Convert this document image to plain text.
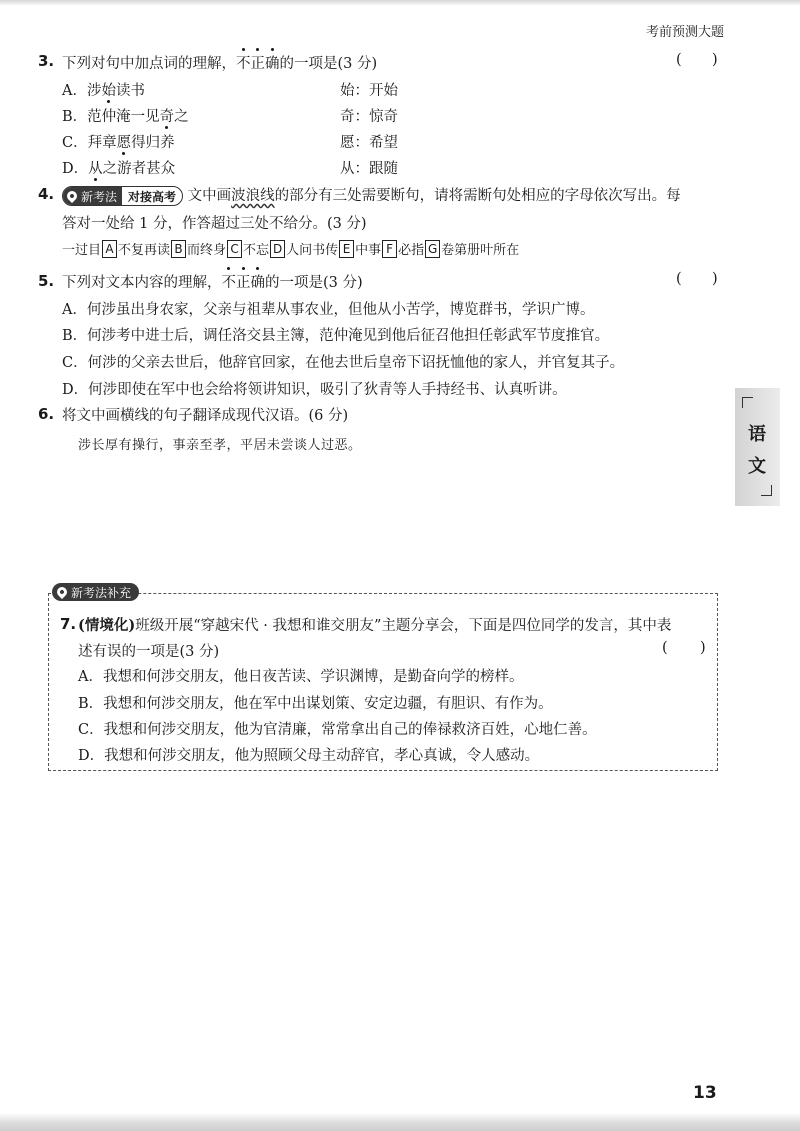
考前预测大题
3. 下列对句中加点词的理解，不正确的一项是(3 分)	( )
A．涉始读书	始：开始
B．范仲淹一见奇之	奇：惊奇
C．拜章愿得归养	愿：希望
D．从之游者甚众	从：跟随
4. 新考法 对接高考 文中画波浪线的部分有三处需要断句，请将需断句处相应的字母依次写出。每
答对一处给 1 分，作答超过三处不给分。(3 分)
一过目 A 不复再读 B 而终身 C 不忘 D 人问书传 E 中事 F 必指 G 卷第册叶所在
5. 下列对文本内容的理解，不正确的一项是(3 分)	( )
A．何涉虽出身农家，父亲与祖辈从事农业，但他从小苦学，博览群书，学识广博。
B．何涉考中进士后，调任洛交县主簿，范仲淹见到他后征召他担任彰武军节度推官。
C．何涉的父亲去世后，他辞官回家，在他去世后皇帝下诏抚恤他的家人，并官复其子。
D．何涉即使在军中也会给将领讲知识，吸引了狄青等人手持经书、认真听讲。
6. 将文中画横线的句子翻译成现代汉语。(6 分)
涉长厚有操行，事亲至孝，平居未尝谈人过恶。
语
文
新考法补充
7. (情境化)班级开展“穿越宋代 · 我想和谁交朋友”主题分享会，下面是四位同学的发言，其中表
述有误的一项是(3 分)	( )
A．我想和何涉交朋友，他日夜苦读、学识渊博，是勤奋向学的榜样。
B．我想和何涉交朋友，他在军中出谋划策、安定边疆，有胆识、有作为。
C．我想和何涉交朋友，他为官清廉，常常拿出自己的俸禄救济百姓，心地仁善。
D．我想和何涉交朋友，他为照顾父母主动辞官，孝心真诚，令人感动。
13
